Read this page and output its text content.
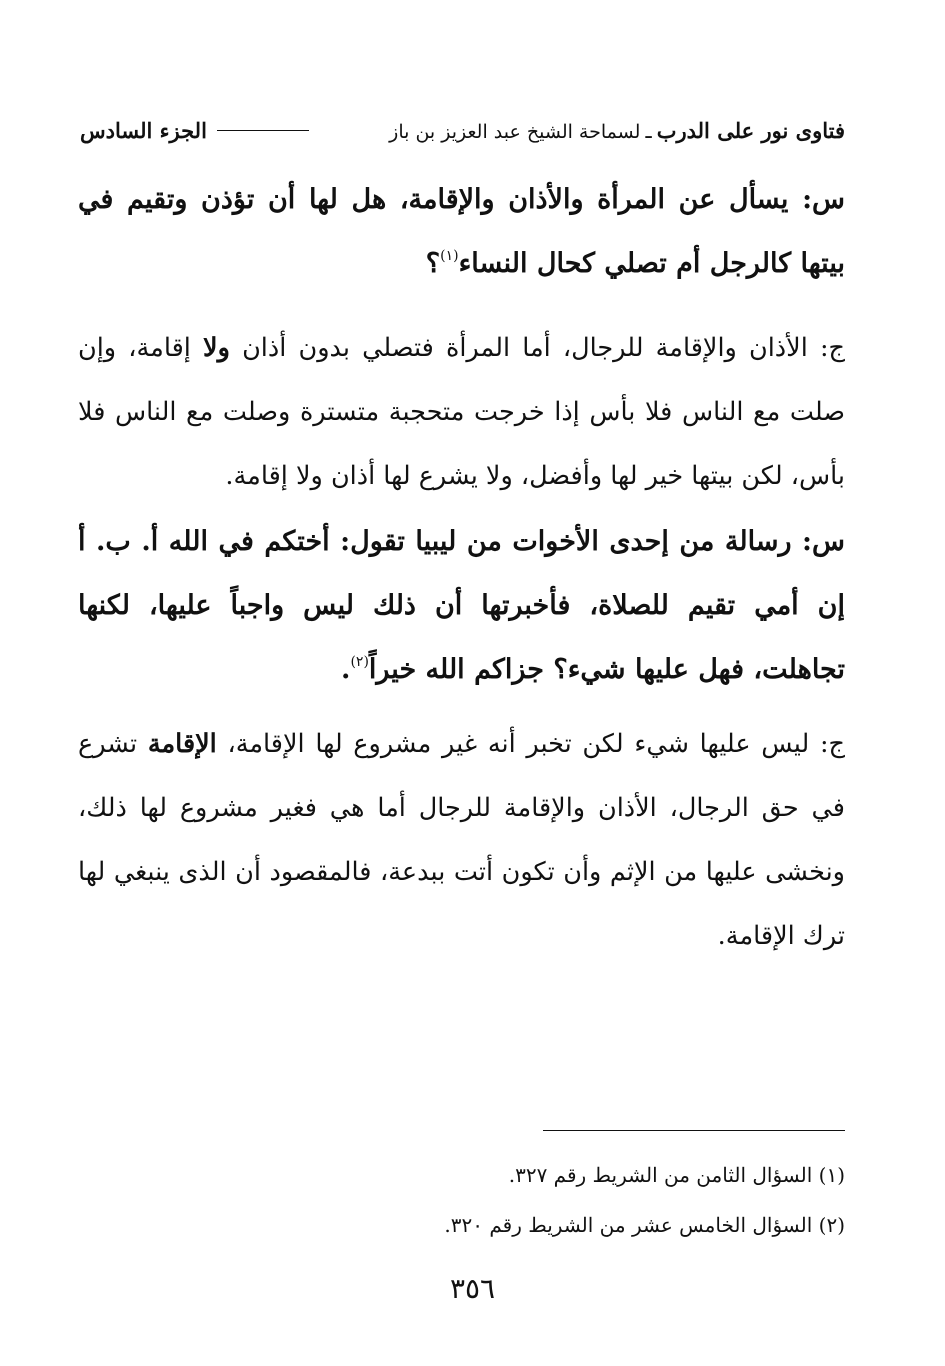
فتاوى نور على الدرب ـ لسماحة الشيخ عبد العزيز بن باز
الجزء السادس
س: يسأل عن المرأة والأذان والإقامة، هل لها أن تؤذن وتقيم في بيتها كالرجل أم تصلي كحال النساء$^{(١)}$؟
ج: الأذان والإقامة للرجال، أما المرأة فتصلي بدون أذان ولا إقامة، وإن صلت مع الناس فلا بأس إذا خرجت متحجبة متسترة وصلت مع الناس فلا بأس، لكن بيتها خير لها وأفضل، ولا يشرع لها أذان ولا إقامة.
س: رسالة من إحدى الأخوات من ليبيا تقول: أختكم في الله أ. ب. أ إن أمي تقيم للصلاة، فأخبرتها أن ذلك ليس واجباً عليها، لكنها تجاهلت، فهل عليها شيء؟ جزاكم الله خيراً$^{(٢)}$.
ج: ليس عليها شيء لكن تخبر أنه غير مشروع لها الإقامة، الإقامة تشرع في حق الرجال، الأذان والإقامة للرجال أما هي فغير مشروع لها ذلك، ونخشى عليها من الإثم وأن تكون أتت ببدعة، فالمقصود أن الذى ينبغي لها ترك الإقامة.
(١) السؤال الثامن من الشريط رقم ٣٢٧.
(٢) السؤال الخامس عشر من الشريط رقم ٣٢٠.
٣٥٦
